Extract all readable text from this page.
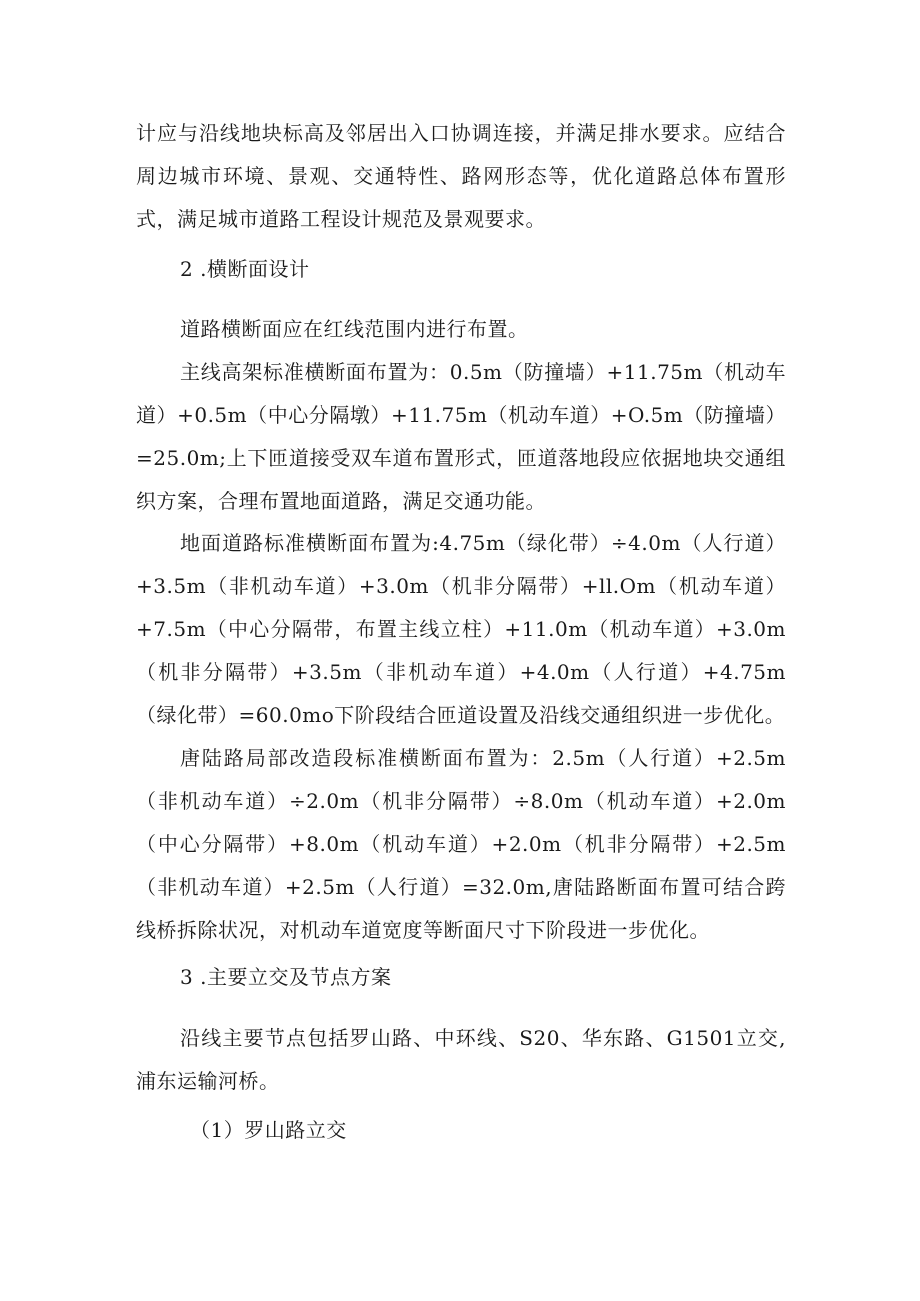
计应与沿线地块标高及邻居出入口协调连接，并满足排水要求。应结合周边城市环境、景观、交通特性、路网形态等，优化道路总体布置形式，满足城市道路工程设计规范及景观要求。

2 .横断面设计

道路横断面应在红线范围内进行布置。

主线高架标准横断面布置为：0.5m（防撞墙）+11.75m（机动车道）+0.5m（中心分隔墩）+11.75m（机动车道）+O.5m（防撞墙）=25.0m;上下匝道接受双车道布置形式，匝道落地段应依据地块交通组织方案，合理布置地面道路，满足交通功能。

地面道路标准横断面布置为:4.75m（绿化带）÷4.0m（人行道）+3.5m（非机动车道）+3.0m（机非分隔带）+ll.Om（机动车道）+7.5m（中心分隔带，布置主线立柱）+11.0m（机动车道）+3.0m（机非分隔带）+3.5m（非机动车道）+4.0m（人行道）+4.75m（绿化带）=60.0mo下阶段结合匝道设置及沿线交通组织进一步优化。

唐陆路局部改造段标准横断面布置为：2.5m（人行道）+2.5m（非机动车道）÷2.0m（机非分隔带）÷8.0m（机动车道）+2.0m（中心分隔带）+8.0m（机动车道）+2.0m（机非分隔带）+2.5m（非机动车道）+2.5m（人行道）=32.0m,唐陆路断面布置可结合跨线桥拆除状况，对机动车道宽度等断面尺寸下阶段进一步优化。

3 .主要立交及节点方案

沿线主要节点包括罗山路、中环线、S20、华东路、G1501立交,浦东运输河桥。

（1）罗山路立交
